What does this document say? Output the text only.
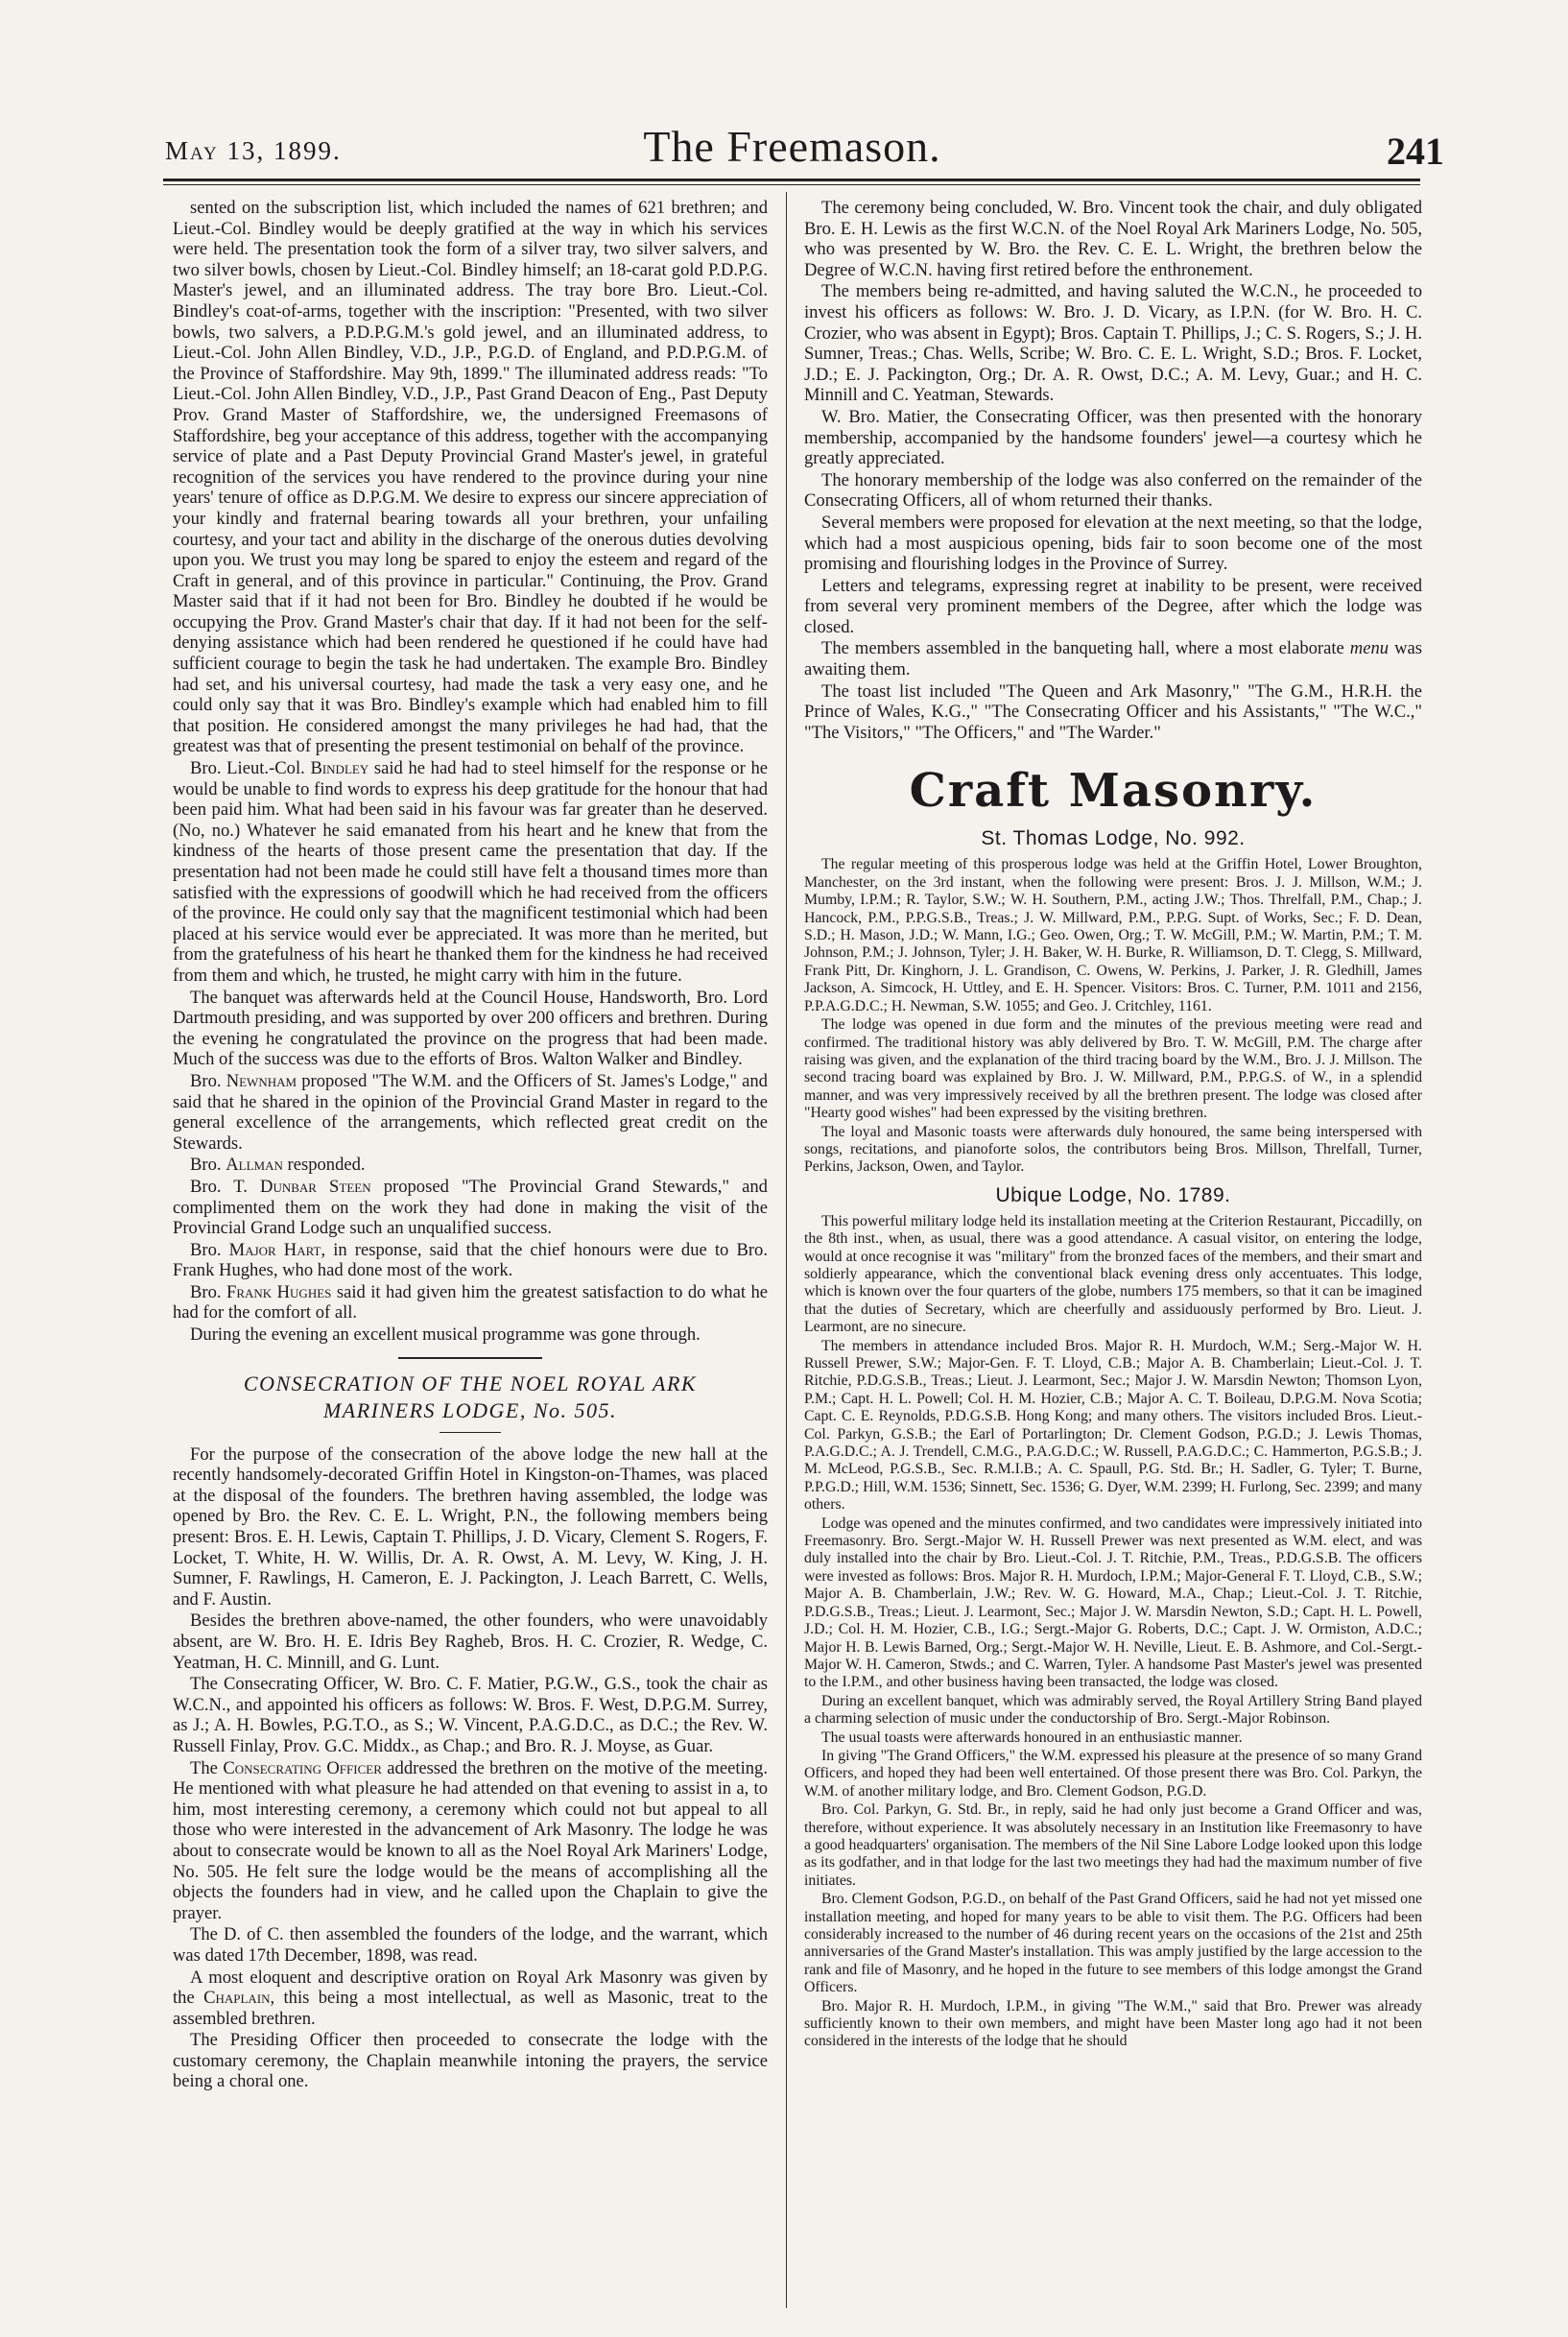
May 13, 1899.	The Freemason.	241

sented on the subscription list, which included the names of 621 brethren; and Lieut.-Col. Bindley would be deeply gratified at the way in which his services were held. The presentation took the form of a silver tray, two silver salvers, and two silver bowls, chosen by Lieut.-Col. Bindley himself; an 18-carat gold P.D.P.G. Master's jewel, and an illuminated address. The tray bore Bro. Lieut.-Col. Bindley's coat-of-arms, together with the inscription: "Presented, with two silver bowls, two salvers, a P.D.P.G.M.'s gold jewel, and an illuminated address, to Lieut.-Col. John Allen Bindley, V.D., J.P., P.G.D. of England, and P.D.P.G.M. of the Province of Staffordshire. May 9th, 1899." The illuminated address reads: "To Lieut.-Col. John Allen Bindley, V.D., J.P., Past Grand Deacon of Eng., Past Deputy Prov. Grand Master of Staffordshire, we, the undersigned Freemasons of Staffordshire, beg your acceptance of this address, together with the accompanying service of plate and a Past Deputy Provincial Grand Master's jewel, in grateful recognition of the services you have rendered to the province during your nine years' tenure of office as D.P.G.M. We desire to express our sincere appreciation of your kindly and fraternal bearing towards all your brethren, your unfailing courtesy, and your tact and ability in the discharge of the onerous duties devolving upon you. We trust you may long be spared to enjoy the esteem and regard of the Craft in general, and of this province in particular." Continuing, the Prov. Grand Master said that if it had not been for Bro. Bindley he doubted if he would be occupying the Prov. Grand Master's chair that day. If it had not been for the self-denying assistance which had been rendered he questioned if he could have had sufficient courage to begin the task he had undertaken. The example Bro. Bindley had set, and his universal courtesy, had made the task a very easy one, and he could only say that it was Bro. Bindley's example which had enabled him to fill that position. He considered amongst the many privileges he had had, that the greatest was that of presenting the present testimonial on behalf of the province.

Bro. Lieut.-Col. Bindley said he had had to steel himself for the response or he would be unable to find words to express his deep gratitude for the honour that had been paid him. What had been said in his favour was far greater than he deserved. (No, no.) Whatever he said emanated from his heart and he knew that from the kindness of the hearts of those present came the presentation that day. If the presentation had not been made he could still have felt a thousand times more than satisfied with the expressions of goodwill which he had received from the officers of the province. He could only say that the magnificent testimonial which had been placed at his service would ever be appreciated. It was more than he merited, but from the gratefulness of his heart he thanked them for the kindness he had received from them and which, he trusted, he might carry with him in the future.

The banquet was afterwards held at the Council House, Handsworth, Bro. Lord Dartmouth presiding, and was supported by over 200 officers and brethren. During the evening he congratulated the province on the progress that had been made. Much of the success was due to the efforts of Bros. Walton Walker and Bindley.

Bro. Newnham proposed "The W.M. and the Officers of St. James's Lodge," and said that he shared in the opinion of the Provincial Grand Master in regard to the general excellence of the arrangements, which reflected great credit on the Stewards.

Bro. Allman responded.

Bro. T. Dunbar Steen proposed "The Provincial Grand Stewards," and complimented them on the work they had done in making the visit of the Provincial Grand Lodge such an unqualified success.

Bro. Major Hart, in response, said that the chief honours were due to Bro. Frank Hughes, who had done most of the work.

Bro. Frank Hughes said it had given him the greatest satisfaction to do what he had for the comfort of all.

During the evening an excellent musical programme was gone through.

CONSECRATION OF THE NOEL ROYAL ARK
MARINERS LODGE, No. 505.

For the purpose of the consecration of the above lodge the new hall at the recently handsomely-decorated Griffin Hotel in Kingston-on-Thames, was placed at the disposal of the founders. The brethren having assembled, the lodge was opened by Bro. the Rev. C. E. L. Wright, P.N., the following members being present: Bros. E. H. Lewis, Captain T. Phillips, J. D. Vicary, Clement S. Rogers, F. Locket, T. White, H. W. Willis, Dr. A. R. Owst, A. M. Levy, W. King, J. H. Sumner, F. Rawlings, H. Cameron, E. J. Packington, J. Leach Barrett, C. Wells, and F. Austin.

Besides the brethren above-named, the other founders, who were unavoidably absent, are W. Bro. H. E. Idris Bey Ragheb, Bros. H. C. Crozier, R. Wedge, C. Yeatman, H. C. Minnill, and G. Lunt.

The Consecrating Officer, W. Bro. C. F. Matier, P.G.W., G.S., took the chair as W.C.N., and appointed his officers as follows: W. Bros. F. West, D.P.G.M. Surrey, as J.; A. H. Bowles, P.G.T.O., as S.; W. Vincent, P.A.G.D.C., as D.C.; the Rev. W. Russell Finlay, Prov. G.C. Middx., as Chap.; and Bro. R. J. Moyse, as Guar.

The Consecrating Officer addressed the brethren on the motive of the meeting. He mentioned with what pleasure he had attended on that evening to assist in a, to him, most interesting ceremony, a ceremony which could not but appeal to all those who were interested in the advancement of Ark Masonry. The lodge he was about to consecrate would be known to all as the Noel Royal Ark Mariners' Lodge, No. 505. He felt sure the lodge would be the means of accomplishing all the objects the founders had in view, and he called upon the Chaplain to give the prayer.

The D. of C. then assembled the founders of the lodge, and the warrant, which was dated 17th December, 1898, was read.

A most eloquent and descriptive oration on Royal Ark Masonry was given by the Chaplain, this being a most intellectual, as well as Masonic, treat to the assembled brethren.

The Presiding Officer then proceeded to consecrate the lodge with the customary ceremony, the Chaplain meanwhile intoning the prayers, the service being a choral one.

The ceremony being concluded, W. Bro. Vincent took the chair, and duly obligated Bro. E. H. Lewis as the first W.C.N. of the Noel Royal Ark Mariners Lodge, No. 505, who was presented by W. Bro. the Rev. C. E. L. Wright, the brethren below the Degree of W.C.N. having first retired before the enthronement.

The members being re-admitted, and having saluted the W.C.N., he proceeded to invest his officers as follows: W. Bro. J. D. Vicary, as I.P.N. (for W. Bro. H. C. Crozier, who was absent in Egypt); Bros. Captain T. Phillips, J.; C. S. Rogers, S.; J. H. Sumner, Treas.; Chas. Wells, Scribe; W. Bro. C. E. L. Wright, S.D.; Bros. F. Locket, J.D.; E. J. Packington, Org.; Dr. A. R. Owst, D.C.; A. M. Levy, Guar.; and H. C. Minnill and C. Yeatman, Stewards.

W. Bro. Matier, the Consecrating Officer, was then presented with the honorary membership, accompanied by the handsome founders' jewel—a courtesy which he greatly appreciated.

The honorary membership of the lodge was also conferred on the remainder of the Consecrating Officers, all of whom returned their thanks.

Several members were proposed for elevation at the next meeting, so that the lodge, which had a most auspicious opening, bids fair to soon become one of the most promising and flourishing lodges in the Province of Surrey.

Letters and telegrams, expressing regret at inability to be present, were received from several very prominent members of the Degree, after which the lodge was closed.

The members assembled in the banqueting hall, where a most elaborate menu was awaiting them.

The toast list included "The Queen and Ark Masonry," "The G.M., H.R.H. the Prince of Wales, K.G.," "The Consecrating Officer and his Assistants," "The W.C.," "The Visitors," "The Officers," and "The Warder."

Craft Masonry.
St. Thomas Lodge, No. 992.

The regular meeting of this prosperous lodge was held at the Griffin Hotel, Lower Broughton, Manchester, on the 3rd instant, when the following were present: Bros. J. J. Millson, W.M.; J. Mumby, I.P.M.; R. Taylor, S.W.; W. H. Southern, P.M., acting J.W.; Thos. Threlfall, P.M., Chap.; J. Hancock, P.M., P.P.G.S.B., Treas.; J. W. Millward, P.M., P.P.G. Supt. of Works, Sec.; F. D. Dean, S.D.; H. Mason, J.D.; W. Mann, I.G.; Geo. Owen, Org.; T. W. McGill, P.M.; W. Martin, P.M.; T. M. Johnson, P.M.; J. Johnson, Tyler; J. H. Baker, W. H. Burke, R. Williamson, D. T. Clegg, S. Millward, Frank Pitt, Dr. Kinghorn, J. L. Grandison, C. Owens, W. Perkins, J. Parker, J. R. Gledhill, James Jackson, A. Simcock, H. Uttley, and E. H. Spencer. Visitors: Bros. C. Turner, P.M. 1011 and 2156, P.P.A.G.D.C.; H. Newman, S.W. 1055; and Geo. J. Critchley, 1161.

The lodge was opened in due form and the minutes of the previous meeting were read and confirmed. The traditional history was ably delivered by Bro. T. W. McGill, P.M. The charge after raising was given, and the explanation of the third tracing board by the W.M., Bro. J. J. Millson. The second tracing board was explained by Bro. J. W. Millward, P.M., P.P.G.S. of W., in a splendid manner, and was very impressively received by all the brethren present. The lodge was closed after "Hearty good wishes" had been expressed by the visiting brethren.

The loyal and Masonic toasts were afterwards duly honoured, the same being interspersed with songs, recitations, and pianoforte solos, the contributors being Bros. Millson, Threlfall, Turner, Perkins, Jackson, Owen, and Taylor.

Ubique Lodge, No. 1789.

This powerful military lodge held its installation meeting at the Criterion Restaurant, Piccadilly, on the 8th inst., when, as usual, there was a good attendance. A casual visitor, on entering the lodge, would at once recognise it was "military" from the bronzed faces of the members, and their smart and soldierly appearance, which the conventional black evening dress only accentuates. This lodge, which is known over the four quarters of the globe, numbers 175 members, so that it can be imagined that the duties of Secretary, which are cheerfully and assiduously performed by Bro. Lieut. J. Learmont, are no sinecure.

The members in attendance included Bros. Major R. H. Murdoch, W.M.; Serg.-Major W. H. Russell Prewer, S.W.; Major-Gen. F. T. Lloyd, C.B.; Major A. B. Chamberlain; Lieut.-Col. J. T. Ritchie, P.D.G.S.B., Treas.; Lieut. J. Learmont, Sec.; Major J. W. Marsdin Newton; Thomson Lyon, P.M.; Capt. H. L. Powell; Col. H. M. Hozier, C.B.; Major A. C. T. Boileau, D.P.G.M. Nova Scotia; Capt. C. E. Reynolds, P.D.G.S.B. Hong Kong; and many others. The visitors included Bros. Lieut.-Col. Parkyn, G.S.B.; the Earl of Portarlington; Dr. Clement Godson, P.G.D.; J. Lewis Thomas, P.A.G.D.C.; A. J. Trendell, C.M.G., P.A.G.D.C.; W. Russell, P.A.G.D.C.; C. Hammerton, P.G.S.B.; J. M. McLeod, P.G.S.B., Sec. R.M.I.B.; A. C. Spaull, P.G. Std. Br.; H. Sadler, G. Tyler; T. Burne, P.P.G.D.; Hill, W.M. 1536; Sinnett, Sec. 1536; G. Dyer, W.M. 2399; H. Furlong, Sec. 2399; and many others.

Lodge was opened and the minutes confirmed, and two candidates were impressively initiated into Freemasonry. Bro. Sergt.-Major W. H. Russell Prewer was next presented as W.M. elect, and was duly installed into the chair by Bro. Lieut.-Col. J. T. Ritchie, P.M., Treas., P.D.G.S.B. The officers were invested as follows: Bros. Major R. H. Murdoch, I.P.M.; Major-General F. T. Lloyd, C.B., S.W.; Major A. B. Chamberlain, J.W.; Rev. W. G. Howard, M.A., Chap.; Lieut.-Col. J. T. Ritchie, P.D.G.S.B., Treas.; Lieut. J. Learmont, Sec.; Major J. W. Marsdin Newton, S.D.; Capt. H. L. Powell, J.D.; Col. H. M. Hozier, C.B., I.G.; Sergt.-Major G. Roberts, D.C.; Capt. J. W. Ormiston, A.D.C.; Major H. B. Lewis Barned, Org.; Sergt.-Major W. H. Neville, Lieut. E. B. Ashmore, and Col.-Sergt.-Major W. H. Cameron, Stwds.; and C. Warren, Tyler. A handsome Past Master's jewel was presented to the I.P.M., and other business having been transacted, the lodge was closed.

During an excellent banquet, which was admirably served, the Royal Artillery String Band played a charming selection of music under the conductorship of Bro. Sergt.-Major Robinson.

The usual toasts were afterwards honoured in an enthusiastic manner.

In giving "The Grand Officers," the W.M. expressed his pleasure at the presence of so many Grand Officers, and hoped they had been well entertained. Of those present there was Bro. Col. Parkyn, the W.M. of another military lodge, and Bro. Clement Godson, P.G.D.

Bro. Col. Parkyn, G. Std. Br., in reply, said he had only just become a Grand Officer and was, therefore, without experience. It was absolutely necessary in an Institution like Freemasonry to have a good headquarters' organisation. The members of the Nil Sine Labore Lodge looked upon this lodge as its godfather, and in that lodge for the last two meetings they had had the maximum number of five initiates.

Bro. Clement Godson, P.G.D., on behalf of the Past Grand Officers, said he had not yet missed one installation meeting, and hoped for many years to be able to visit them. The P.G. Officers had been considerably increased to the number of 46 during recent years on the occasions of the 21st and 25th anniversaries of the Grand Master's installation. This was amply justified by the large accession to the rank and file of Masonry, and he hoped in the future to see members of this lodge amongst the Grand Officers.

Bro. Major R. H. Murdoch, I.P.M., in giving "The W.M.," said that Bro. Prewer was already sufficiently known to their own members, and might have been Master long ago had it not been considered in the interests of the lodge that he should
